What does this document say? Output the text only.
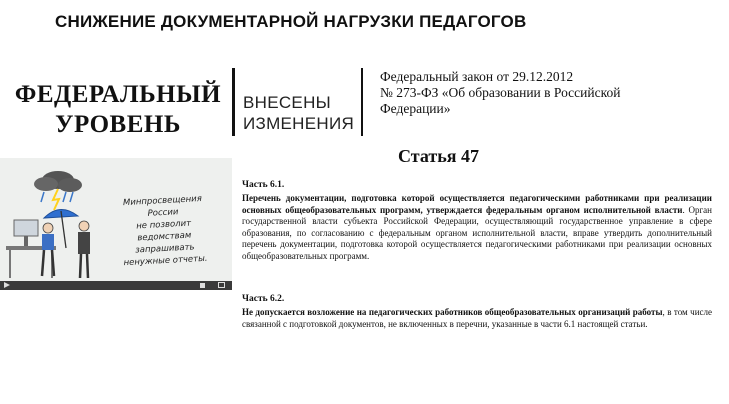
СНИЖЕНИЕ ДОКУМЕНТАРНОЙ НАГРУЗКИ ПЕДАГОГОВ
ФЕДЕРАЛЬНЫЙ
УРОВЕНЬ
ВНЕСЕНЫ
ИЗМЕНЕНИЯ
Федеральный закон от 29.12.2012
№ 273-ФЗ «Об образовании в Российской
Федерации»
Статья 47
Минпросвещения России
не позволит
ведомствам запрашивать
ненужные отчеты.
Часть 6.1.
Перечень документации, подготовка которой осуществляется педагогическими работниками при реализации основных общеобразовательных программ, утверждается федеральным органом исполнительной власти. Орган государственной власти субъекта Российской Федерации, осуществляющий государственное управление в сфере образования, по согласованию с федеральным органом исполнительной власти, вправе утвердить дополнительный перечень документации, подготовка которой осуществляется педагогическими работниками при реализации основных общеобразовательных программ.
Часть 6.2.
Не допускается возложение на педагогических работников общеобразовательных организаций работы, в том числе связанной с подготовкой документов, не включенных в перечни, указанные в части 6.1 настоящей статьи.
